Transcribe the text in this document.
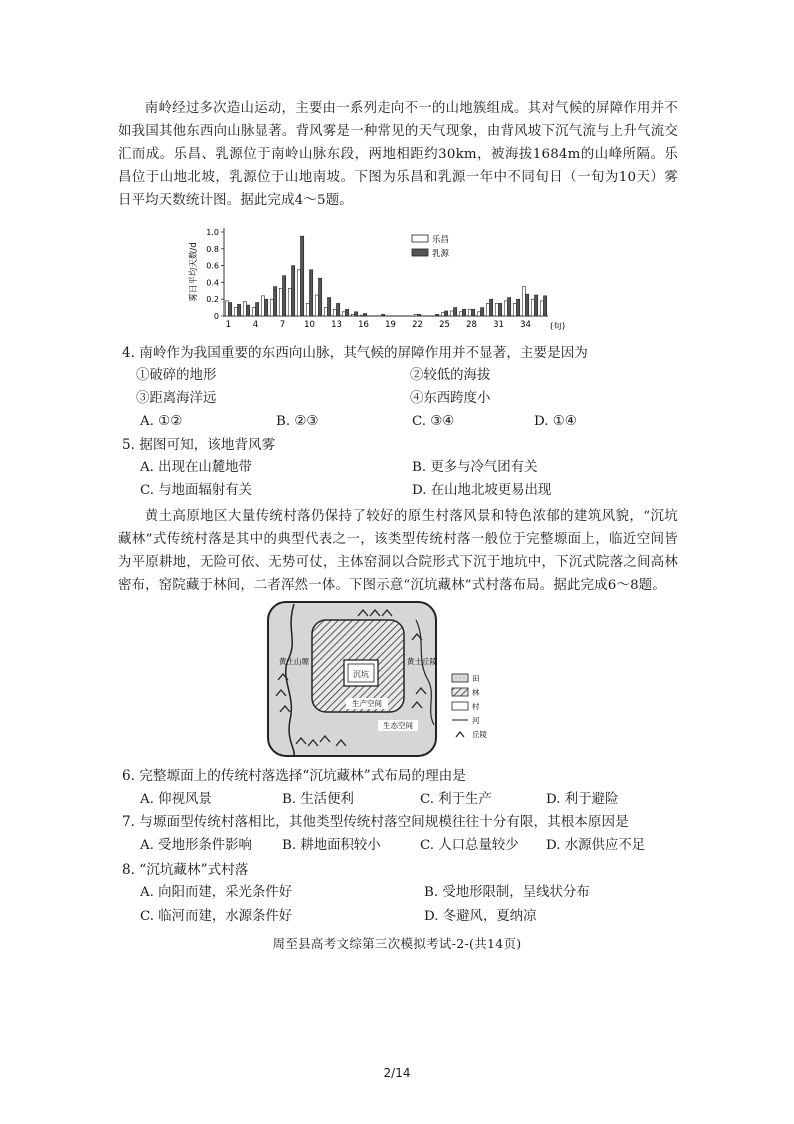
南岭经过多次造山运动，主要由一系列走向不一的山地簇组成。其对气候的屏障作用并不如我国其他东西向山脉显著。背风雾是一种常见的天气现象，由背风坡下沉气流与上升气流交汇而成。乐昌、乳源位于南岭山脉东段，两地相距约30km，被海拔1684m的山峰所隔。乐昌位于山地北坡，乳源位于山地南坡。下图为乐昌和乳源一年中不同旬日（一旬为10天）雾日平均天数统计图。据此完成4～5题。
雾日平均天数/d
0
0.2
0.4
0.6
0.8
1.0
1	4	7 10 13 16 19 22 25 28 31 34
乐昌
乳源
(旬)
4. 南岭作为我国重要的东西向山脉，其气候的屏障作用并不显著，主要是因为
①破碎的地形	②较低的海拔
③距离海洋远	④东西跨度小
A. ①②	B. ②③	C. ③④	D. ①④
5. 据图可知，该地背风雾
A. 出现在山麓地带	B. 更多与冷气团有关
C. 与地面辐射有关	D. 在山地北坡更易出现
黄土高原地区大量传统村落仍保持了较好的原生村落风景和特色浓郁的建筑风貌，“沉坑藏林”式传统村落是其中的典型代表之一，该类型传统村落一般位于完整塬面上，临近空间皆为平原耕地，无险可依、无势可仗，主体窑洞以合院形式下沉于地坑中，下沉式院落之间高林密布，窑院藏于林间，二者浑然一体。下图示意“沉坑藏林”式村落布局。据此完成6～8题。
沉坑
生产空间
生态空间
黄土山塬	黄土丘陵
田
林
村
河
丘陵
6. 完整塬面上的传统村落选择“沉坑藏林”式布局的理由是
A. 仰视风景	B. 生活便利	C. 利于生产	D. 利于避险
7. 与塬面型传统村落相比，其他类型传统村落空间规模往往十分有限，其根本原因是
A. 受地形条件影响 B. 耕地面积较小	C. 人口总量较少 D. 水源供应不足
8. “沉坑藏林”式村落
A. 向阳而建，采光条件好	B. 受地形限制，呈线状分布
C. 临河而建，水源条件好	D. 冬避风，夏纳凉
周至县高考文综第三次模拟考试-2-(共14页)
2/14
